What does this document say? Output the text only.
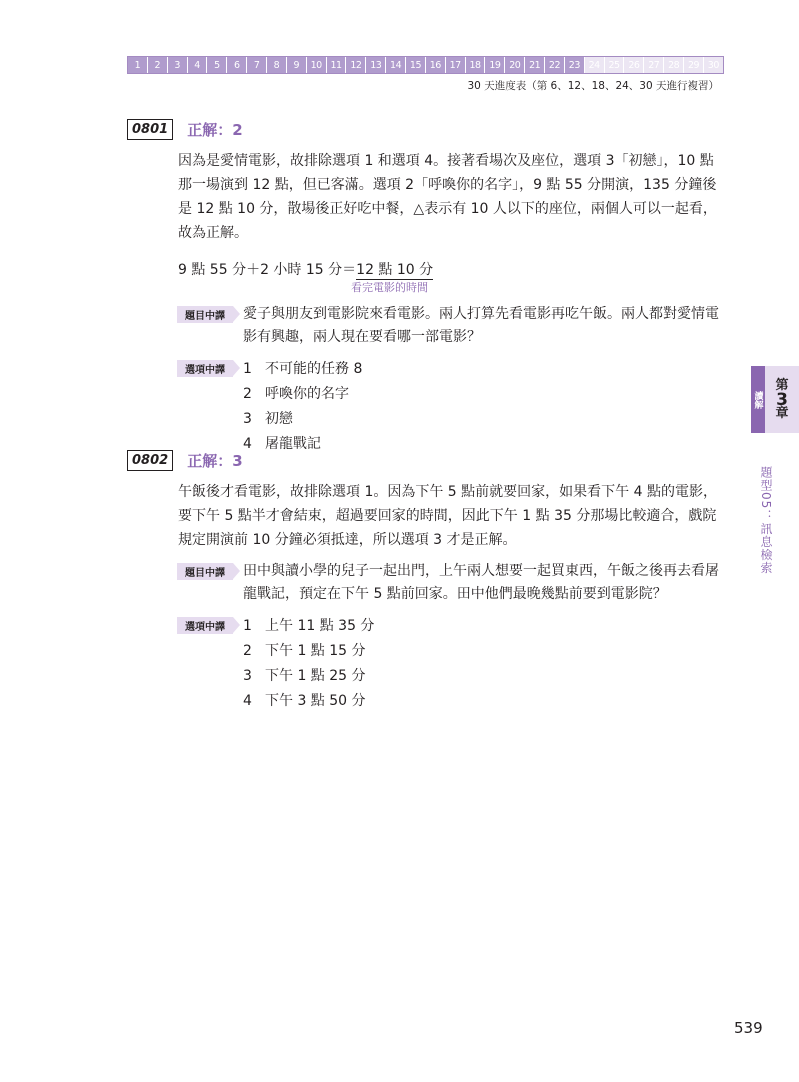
1	2	3	4	5	6	7	8	9	10 11 12 13 14 15 16 17 18 19 20 21 22 23 24 25 26 27 28 29 30
30 天進度表（第 6、12、18、24、30 天進行複習）
0801	正解：2
因為是愛情電影，故排除選項 1 和選項 4。接著看場次及座位，選項 3「初戀」，10 點那一場演到 12 點，但已客滿。選項 2「呼喚你的名字」，9 點 55 分開演，135 分鐘後是 12 點 10 分，散場後正好吃中餐，△表示有 10 人以下的座位，兩個人可以一起看，故為正解。
9 點 55 分＋2 小時 15 分＝12 點 10 分
看完電影的時間
題目中譯	愛子與朋友到電影院來看電影。兩人打算先看電影再吃午飯。兩人都對愛情電影有興趣，兩人現在要看哪一部電影？
選項中譯	1 不可能的任務 8
2 呼喚你的名字
3 初戀
4 屠龍戰記
0802	正解：3
午飯後才看電影，故排除選項 1。因為下午 5 點前就要回家，如果看下午 4 點的電影，要下午 5 點半才會結束，超過要回家的時間，因此下午 1 點 35 分那場比較適合，戲院規定開演前 10 分鐘必須抵達，所以選項 3 才是正解。
題目中譯	田中與讀小學的兒子一起出門，上午兩人想要一起買東西，午飯之後再去看屠龍戰記，預定在下午 5 點前回家。田中他們最晚幾點前要到電影院？
選項中譯	1 上午 11 點 35 分
2 下午 1 點 15 分
3 下午 1 點 25 分
4 下午 3 點 50 分
讀解
第
3
章
題型05：訊息檢索
539
